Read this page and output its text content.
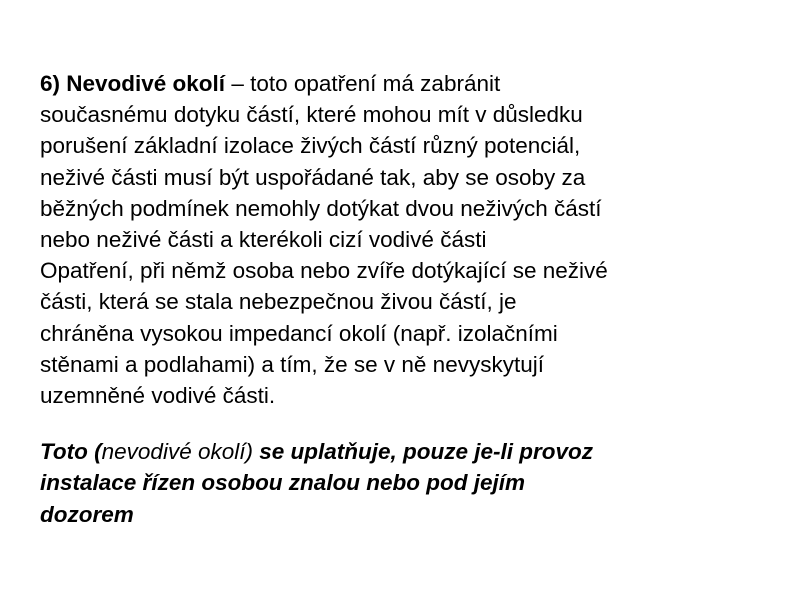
6) Nevodivé okolí – toto opatření má zabránit
současnému dotyku částí, které mohou mít v důsledku
porušení základní izolace živých částí různý potenciál,
neživé části musí být uspořádané tak, aby se osoby za
běžných podmínek nemohly dotýkat dvou neživých částí
nebo neživé části a kterékoli cizí vodivé části
Opatření, při němž osoba nebo zvíře dotýkající se neživé
části, která se stala nebezpečnou živou částí, je
chráněna vysokou impedancí okolí (např. izolačními
stěnami a podlahami) a tím, že se v ně nevyskytují
uzemněné vodivé části.

Toto (nevodivé okolí) se uplatňuje, pouze je-li provoz
instalace řízen osobou znalou nebo pod jejím
dozorem
